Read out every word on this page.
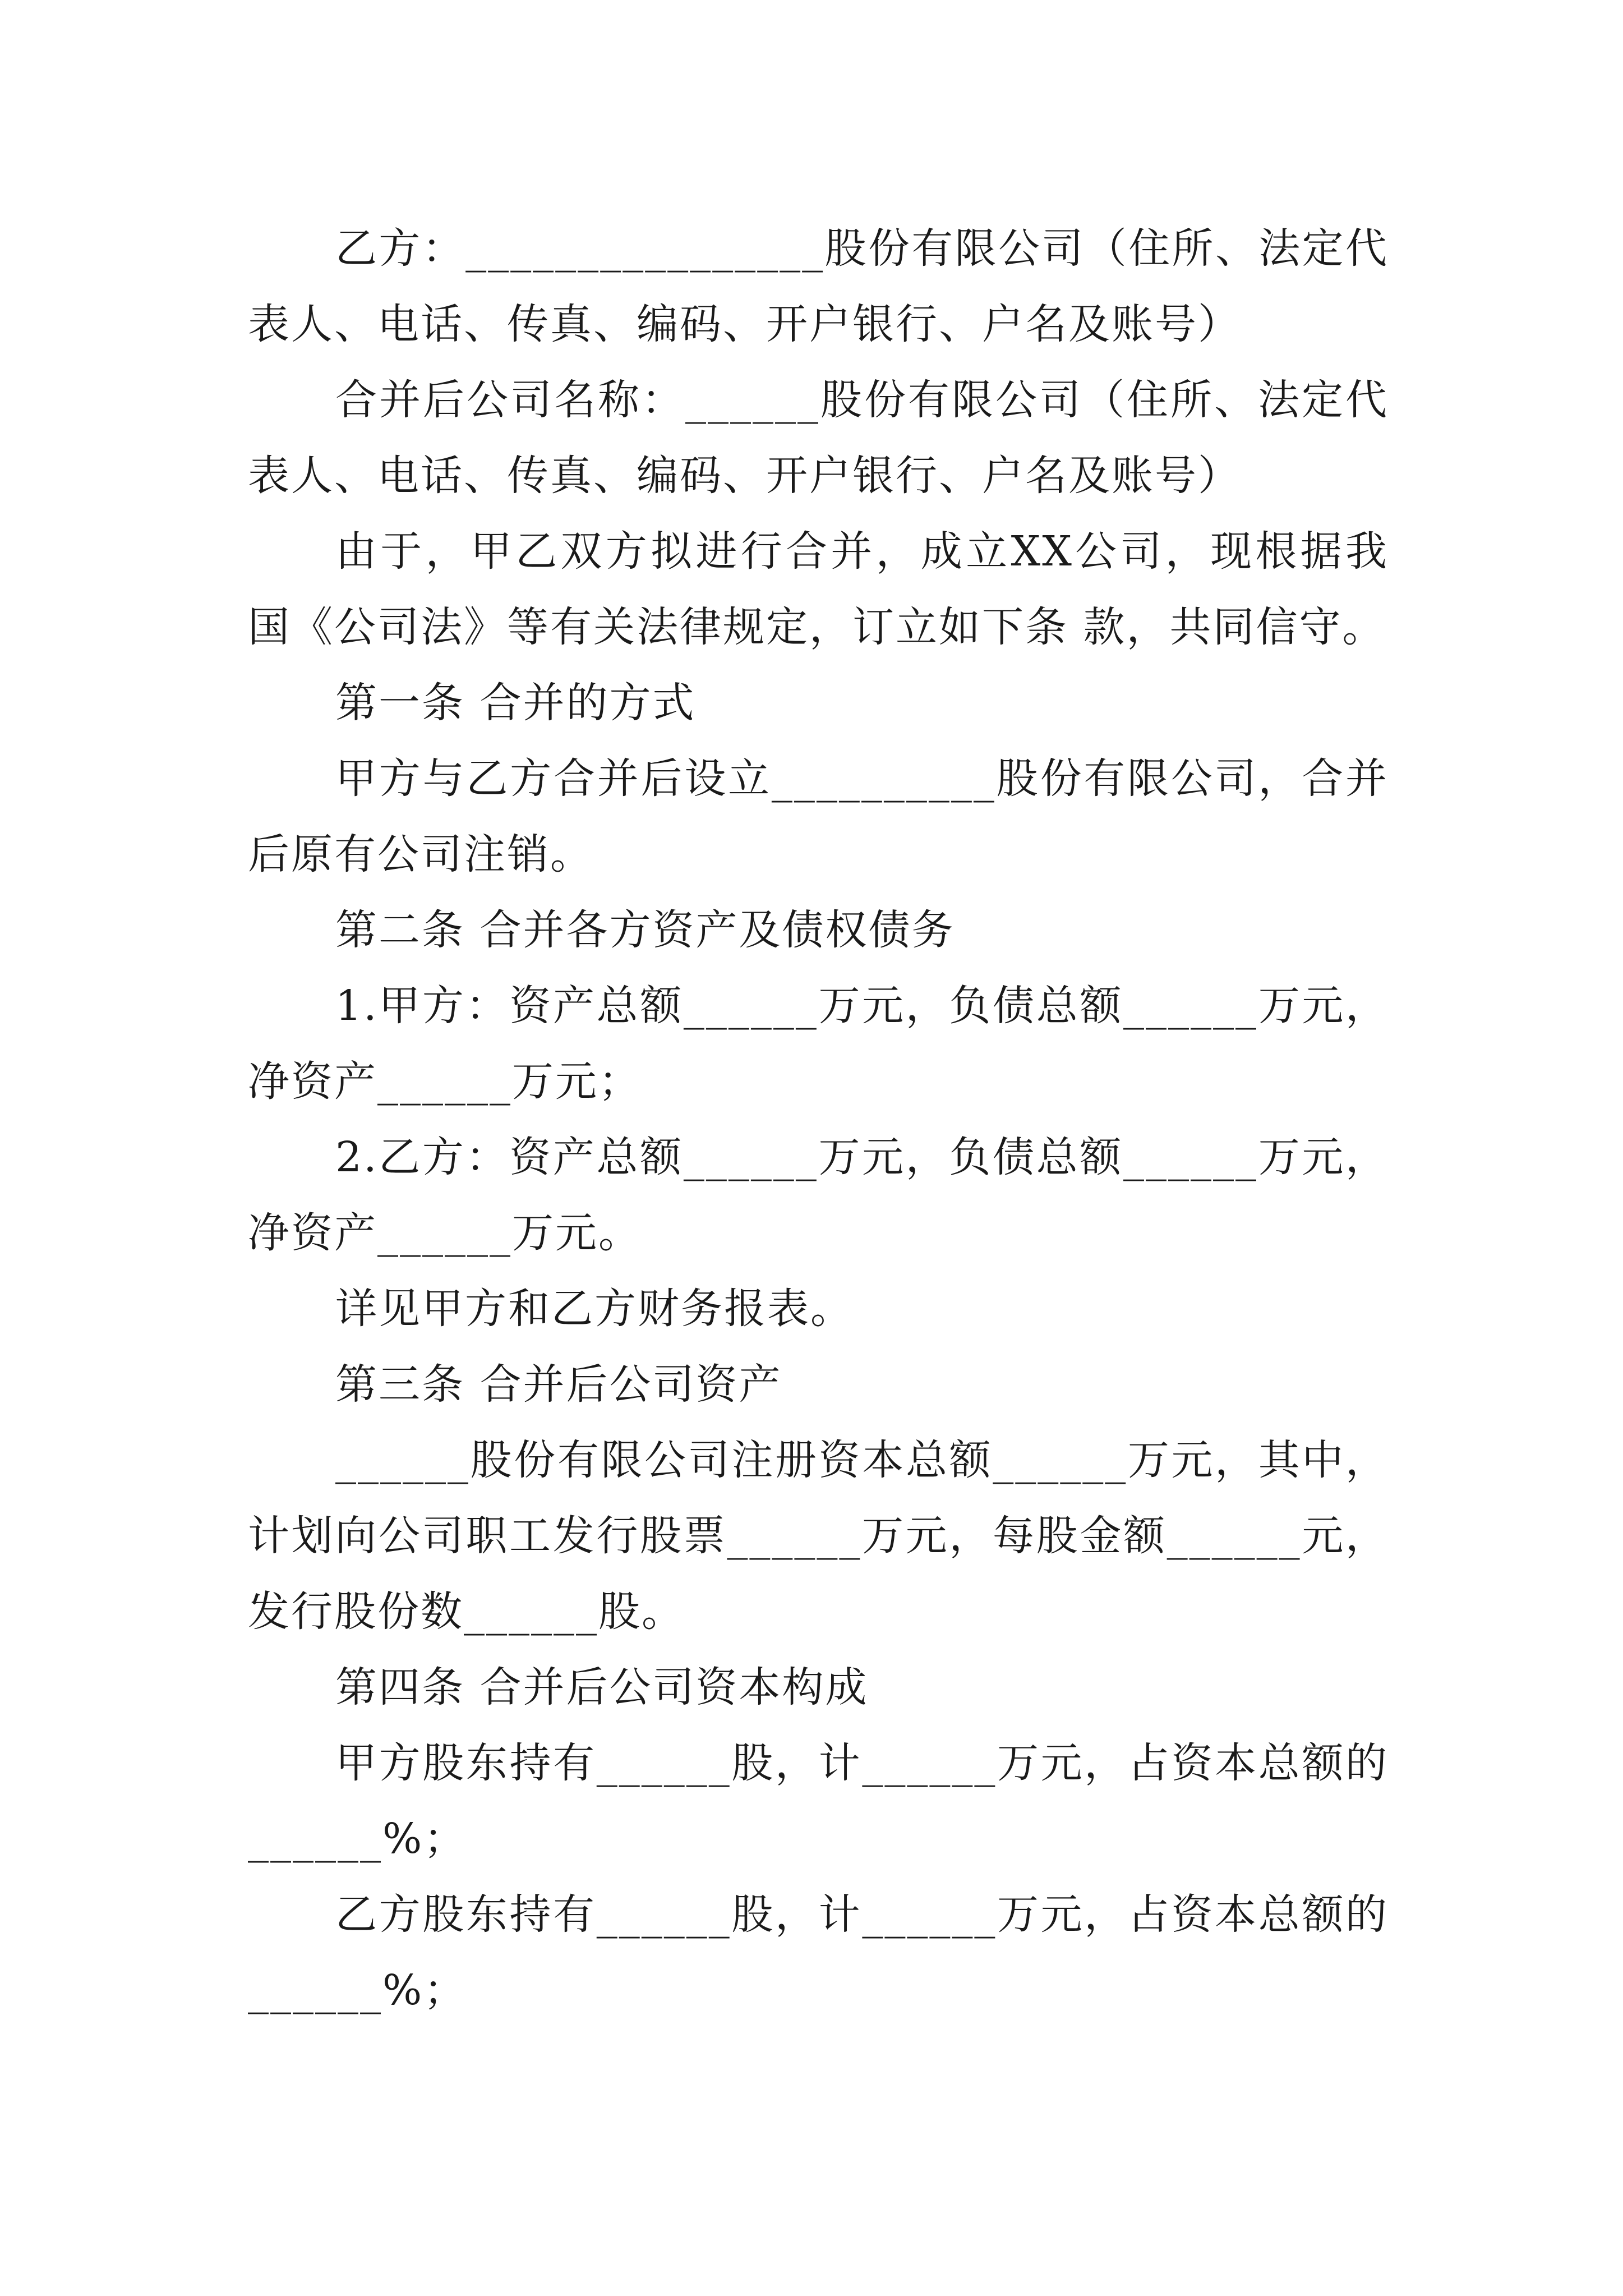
乙方：________________股份有限公司（住所、法定代表人、电话、传真、编码、开户银行、户名及账号）

合并后公司名称：______股份有限公司（住所、法定代表人、电话、传真、编码、开户银行、户名及账号）

由于，甲乙双方拟进行合并，成立XX公司，现根据我国《公司法》等有关法律规定，订立如下条 款，共同信守。

第一条 合并的方式

甲方与乙方合并后设立__________股份有限公司，合并后原有公司注销。

第二条 合并各方资产及债权债务

1.甲方：资产总额______万元，负债总额______万元，净资产______万元；

2.乙方：资产总额______万元，负债总额______万元，净资产______万元。

详见甲方和乙方财务报表。

第三条 合并后公司资产

______股份有限公司注册资本总额______万元，其中，计划向公司职工发行股票______万元，每股金额______元，发行股份数______股。

第四条 合并后公司资本构成

甲方股东持有______股，计______万元，占资本总额的______%；

乙方股东持有______股，计______万元，占资本总额的______%；
